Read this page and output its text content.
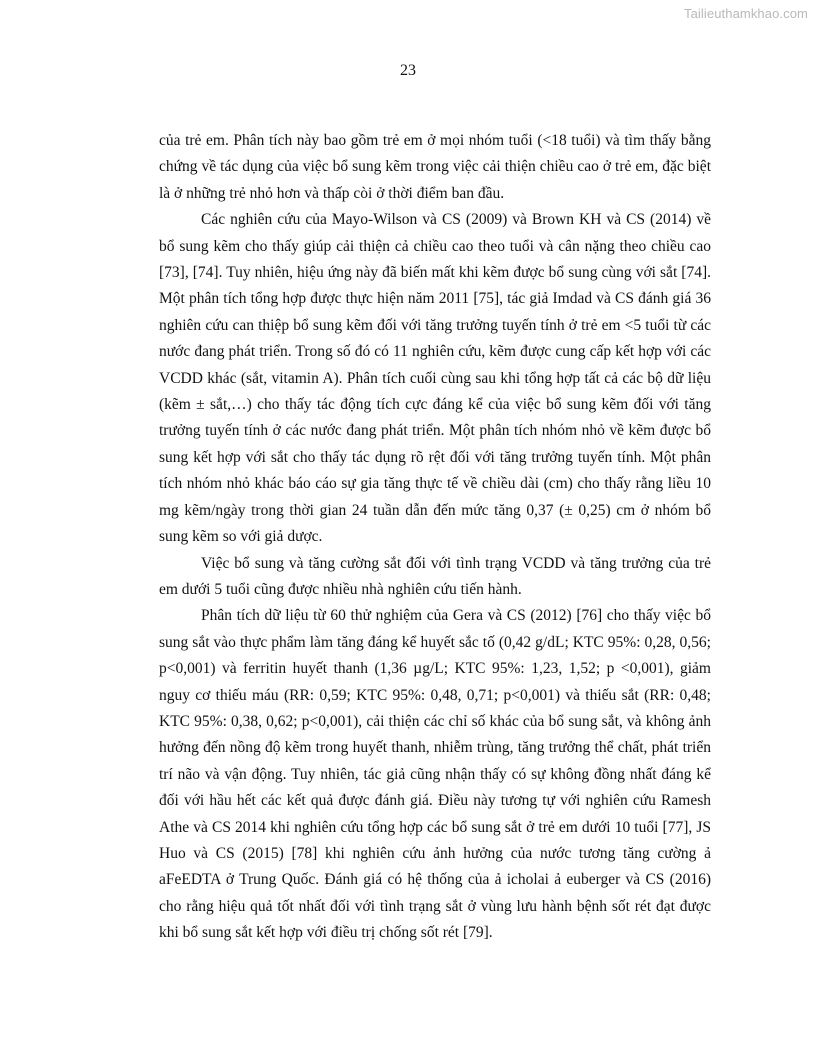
Tailieuthamkhao.com
23

của trẻ em. Phân tích này bao gồm trẻ em ở mọi nhóm tuổi (<18 tuổi) và tìm thấy bằng chứng về tác dụng của việc bổ sung kẽm trong việc cải thiện chiều cao ở trẻ em, đặc biệt là ở những trẻ nhỏ hơn và thấp còi ở thời điểm ban đầu.

Các nghiên cứu của Mayo-Wilson và CS (2009) và Brown KH và CS (2014) về bổ sung kẽm cho thấy giúp cải thiện cả chiều cao theo tuổi và cân nặng theo chiều cao [73], [74]. Tuy nhiên, hiệu ứng này đã biến mất khi kẽm được bổ sung cùng với sắt [74]. Một phân tích tổng hợp được thực hiện năm 2011 [75], tác giả Imdad và CS đánh giá 36 nghiên cứu can thiệp bổ sung kẽm đối với tăng trưởng tuyến tính ở trẻ em <5 tuổi từ các nước đang phát triển. Trong số đó có 11 nghiên cứu, kẽm được cung cấp kết hợp với các VCDD khác (sắt, vitamin A). Phân tích cuối cùng sau khi tổng hợp tất cả các bộ dữ liệu (kẽm ± sắt,…) cho thấy tác động tích cực đáng kể của việc bổ sung kẽm đối với tăng trưởng tuyến tính ở các nước đang phát triển. Một phân tích nhóm nhỏ về kẽm được bổ sung kết hợp với sắt cho thấy tác dụng rõ rệt đối với tăng trưởng tuyến tính. Một phân tích nhóm nhỏ khác báo cáo sự gia tăng thực tế về chiều dài (cm) cho thấy rằng liều 10 mg kẽm/ngày trong thời gian 24 tuần dẫn đến mức tăng 0,37 (± 0,25) cm ở nhóm bổ sung kẽm so với giả dược.

Việc bổ sung và tăng cường sắt đối với tình trạng VCDD và tăng trưởng của trẻ em dưới 5 tuổi cũng được nhiều nhà nghiên cứu tiến hành.

Phân tích dữ liệu từ 60 thử nghiệm của Gera và CS (2012) [76] cho thấy việc bổ sung sắt vào thực phẩm làm tăng đáng kể huyết sắc tố (0,42 g/dL; KTC 95%: 0,28, 0,56; p<0,001) và ferritin huyết thanh (1,36 µg/L; KTC 95%: 1,23, 1,52; p <0,001), giảm nguy cơ thiếu máu (RR: 0,59; KTC 95%: 0,48, 0,71; p<0,001) và thiếu sắt (RR: 0,48; KTC 95%: 0,38, 0,62; p<0,001), cải thiện các chỉ số khác của bổ sung sắt, và không ảnh hưởng đến nồng độ kẽm trong huyết thanh, nhiễm trùng, tăng trưởng thể chất, phát triển trí não và vận động. Tuy nhiên, tác giả cũng nhận thấy có sự không đồng nhất đáng kể đối với hầu hết các kết quả được đánh giá. Điều này tương tự với nghiên cứu Ramesh Athe và CS 2014 khi nghiên cứu tổng hợp các bổ sung sắt ở trẻ em dưới 10 tuổi [77], JS Huo và CS (2015) [78] khi nghiên cứu ảnh hưởng của nước tương tăng cường ả aFeEDTA ở Trung Quốc. Đánh giá có hệ thống của ả icholai ả euberger và CS (2016) cho rằng hiệu quả tốt nhất đối với tình trạng sắt ở vùng lưu hành bệnh sốt rét đạt được khi bổ sung sắt kết hợp với điều trị chống sốt rét [79].
